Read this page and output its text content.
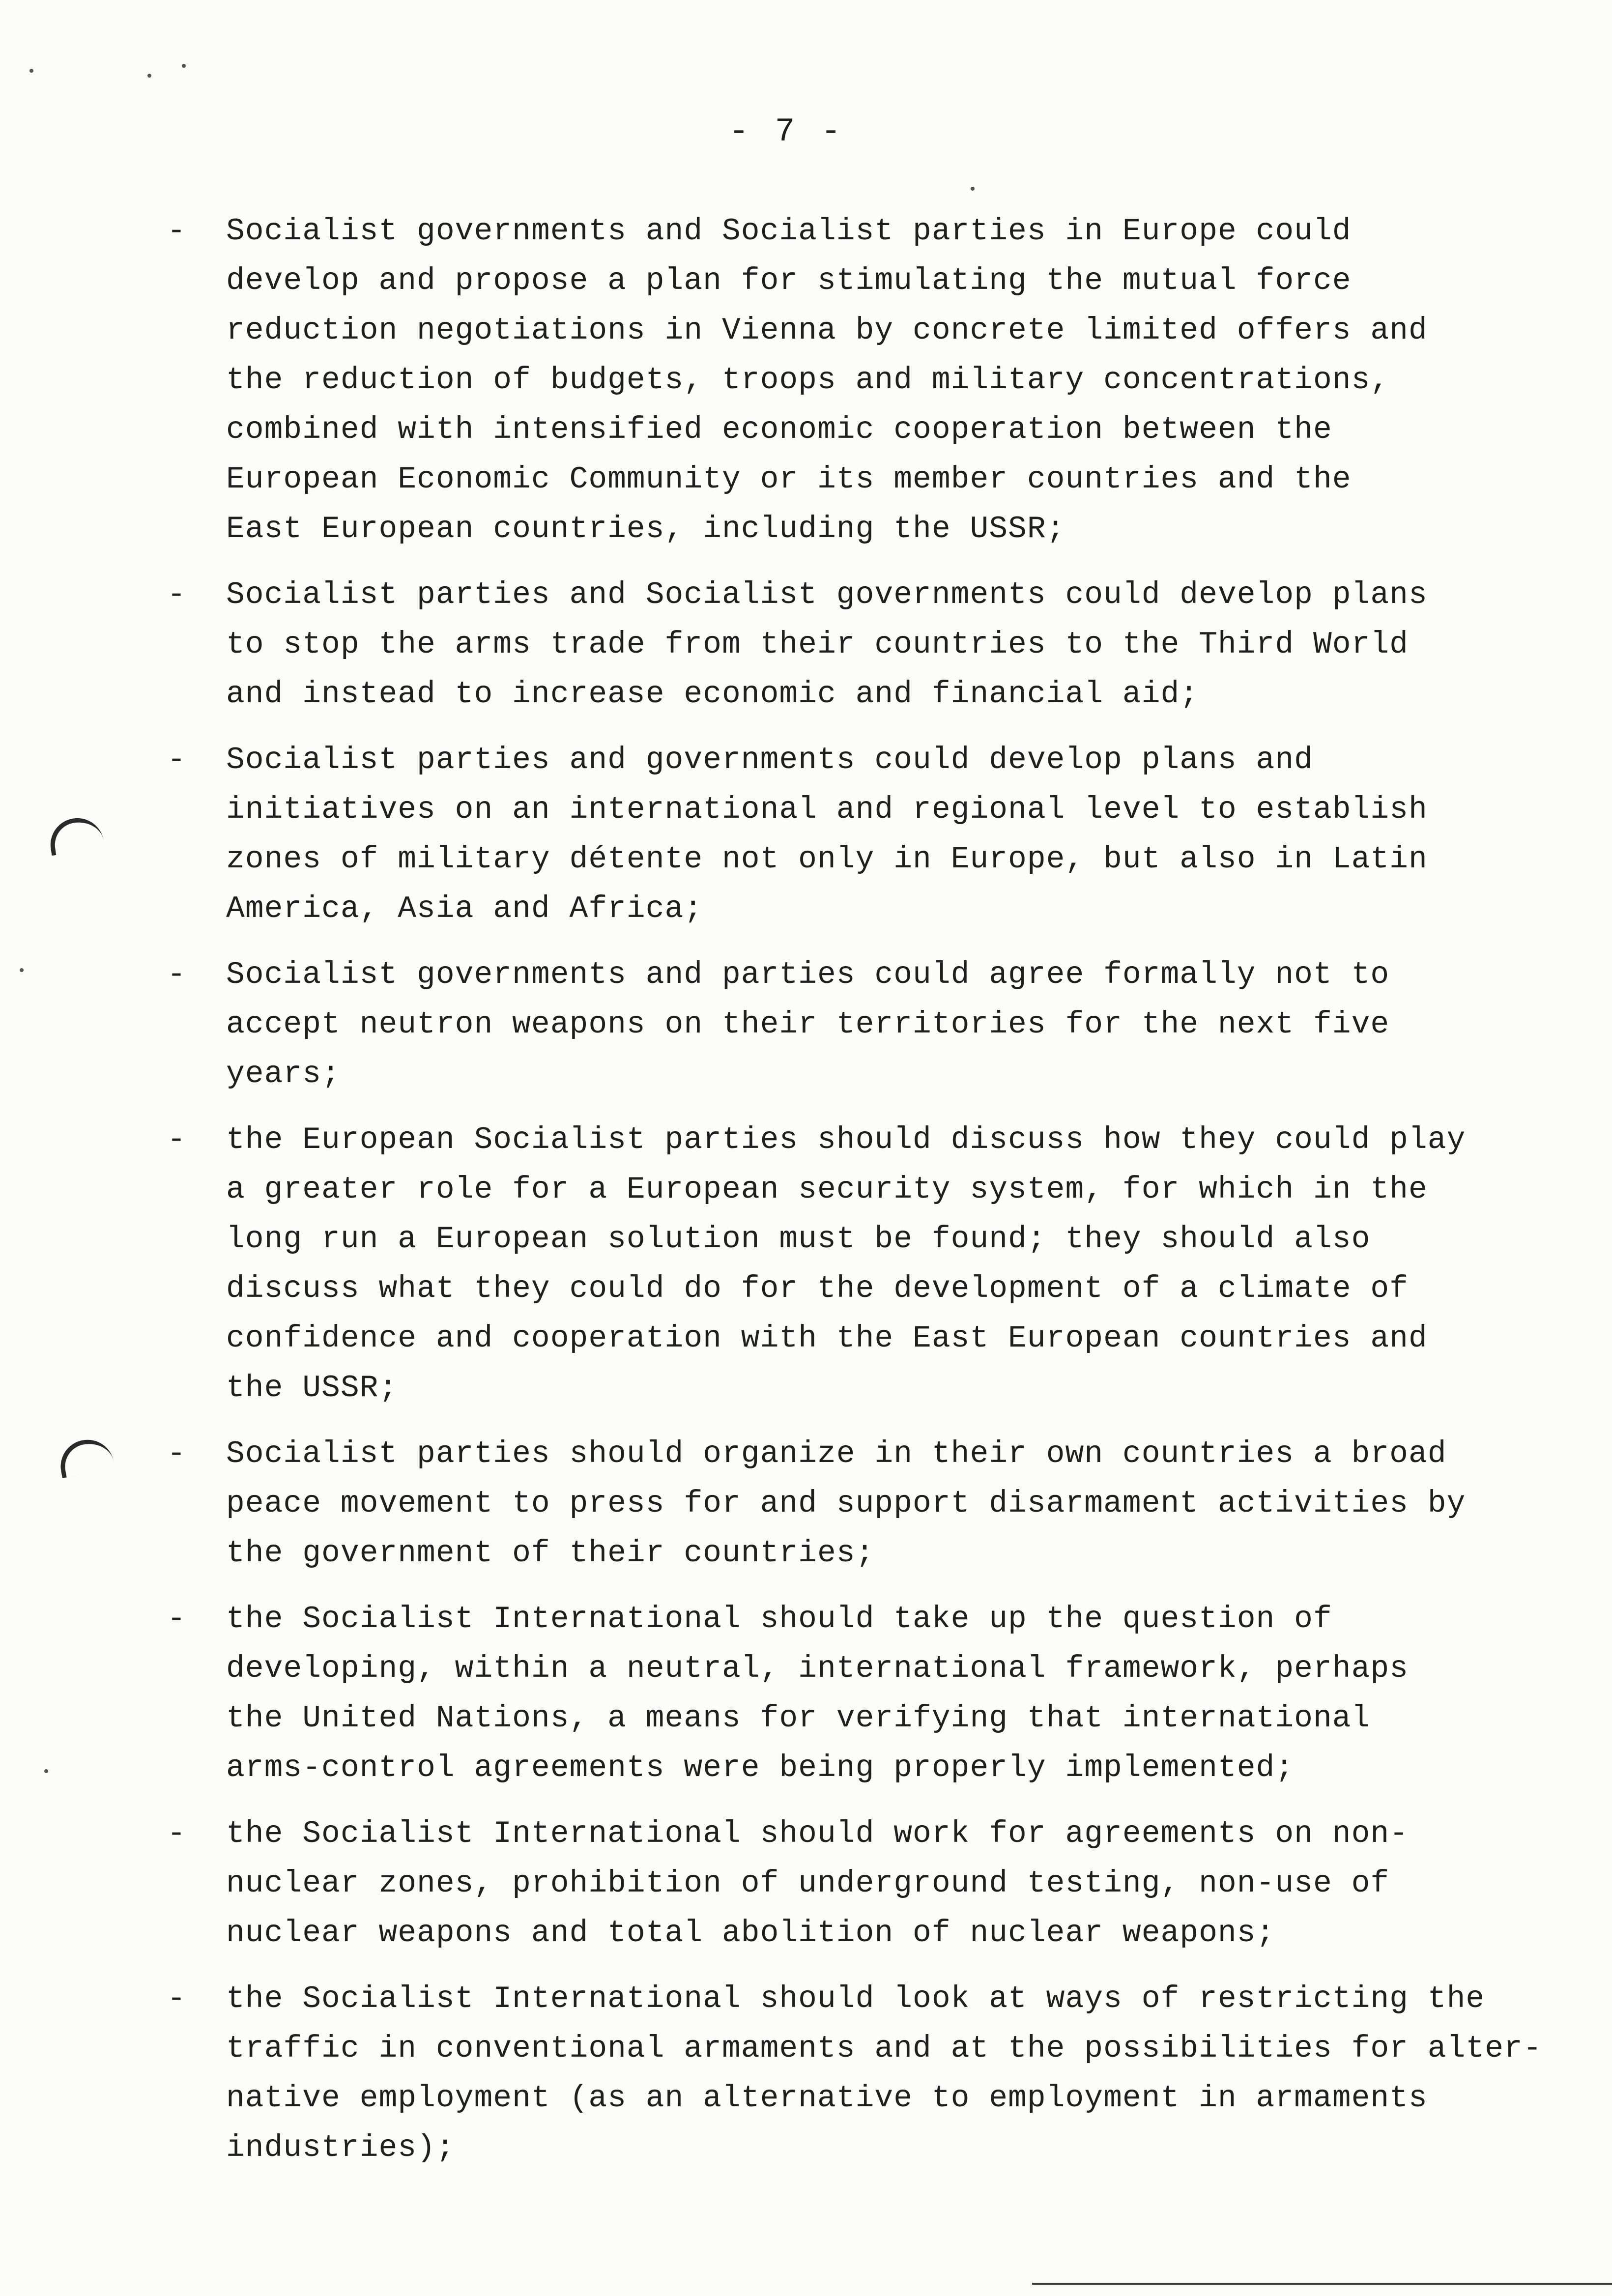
- 7 -
- Socialist governments and Socialist parties in Europe could
develop and propose a plan for stimulating the mutual force
reduction negotiations in Vienna by concrete limited offers and
the reduction of budgets, troops and military concentrations,
combined with intensified economic cooperation between the
European Economic Community or its member countries and the
East European countries, including the USSR;
- Socialist parties and Socialist governments could develop plans
to stop the arms trade from their countries to the Third World
and instead to increase economic and financial aid;
- Socialist parties and governments could develop plans and
initiatives on an international and regional level to establish
zones of military détente not only in Europe, but also in Latin
America, Asia and Africa;
- Socialist governments and parties could agree formally not to
accept neutron weapons on their territories for the next five
years;
- the European Socialist parties should discuss how they could play
a greater role for a European security system, for which in the
long run a European solution must be found; they should also
discuss what they could do for the development of a climate of
confidence and cooperation with the East European countries and
the USSR;
- Socialist parties should organize in their own countries a broad
peace movement to press for and support disarmament activities by
the government of their countries;
- the Socialist International should take up the question of
developing, within a neutral, international framework, perhaps
the United Nations, a means for verifying that international
arms-control agreements were being properly implemented;
- the Socialist International should work for agreements on non-
nuclear zones, prohibition of underground testing, non-use of
nuclear weapons and total abolition of nuclear weapons;
- the Socialist International should look at ways of restricting the
traffic in conventional armaments and at the possibilities for alter-
native employment (as an alternative to employment in armaments
industries);
